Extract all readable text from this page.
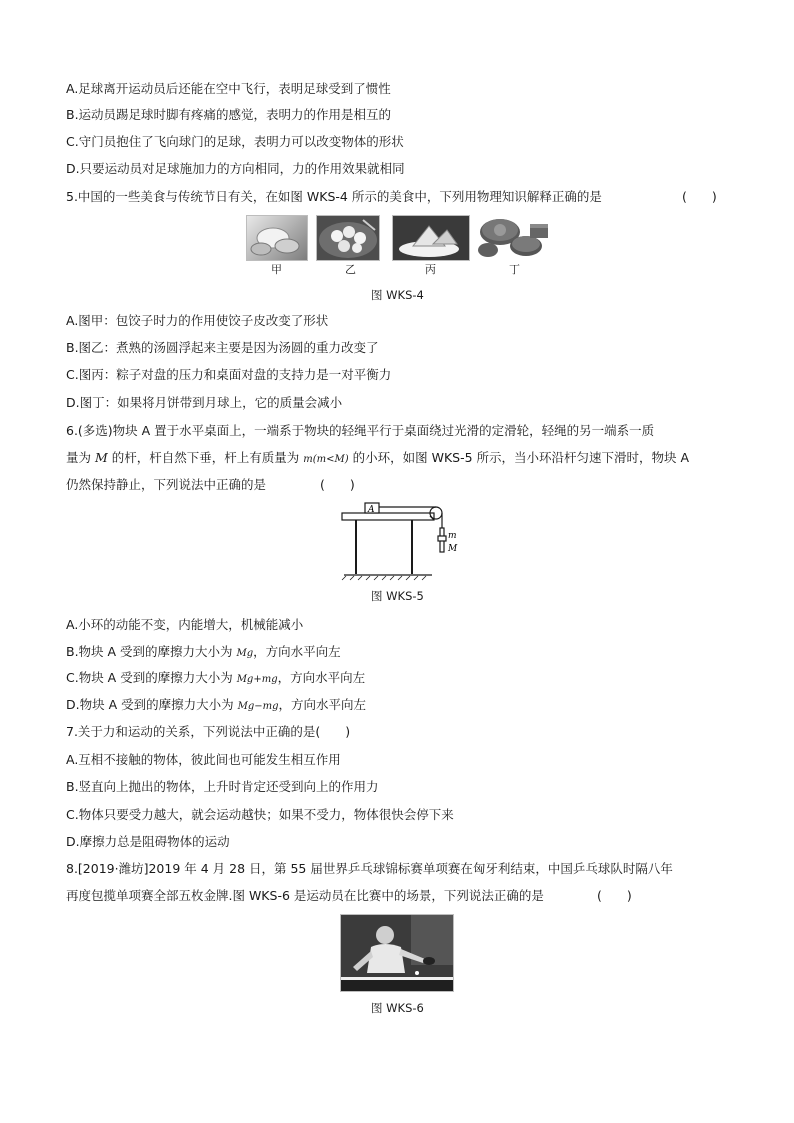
A.足球离开运动员后还能在空中飞行，表明足球受到了惯性
B.运动员踢足球时脚有疼痛的感觉，表明力的作用是相互的
C.守门员抱住了飞向球门的足球，表明力可以改变物体的形状
D.只要运动员对足球施加力的方向相同，力的作用效果就相同
5.中国的一些美食与传统节日有关，在如图 WKS-4 所示的美食中，下列用物理知识解释正确的是	(　　)
甲	乙	丙	丁
图 WKS-4
A.图甲：包饺子时力的作用使饺子皮改变了形状
B.图乙：煮熟的汤圆浮起来主要是因为汤圆的重力改变了
C.图丙：粽子对盘的压力和桌面对盘的支持力是一对平衡力
D.图丁：如果将月饼带到月球上，它的质量会减小
6.(多选)物块 A 置于水平桌面上，一端系于物块的轻绳平行于桌面绕过光滑的定滑轮，轻绳的另一端系一质
量为 M 的杆，杆自然下垂，杆上有质量为 m(m<M) 的小环，如图 WKS-5 所示，当小环沿杆匀速下滑时，物块 A
仍然保持静止，下列说法中正确的是	(　　)
A
m
M
图 WKS-5
A.小环的动能不变，内能增大，机械能减小
B.物块 A 受到的摩擦力大小为 Mg，方向水平向左
C.物块 A 受到的摩擦力大小为 Mg+mg，方向水平向左
D.物块 A 受到的摩擦力大小为 Mg−mg，方向水平向左
7.关于力和运动的关系，下列说法中正确的是(　　)
A.互相不接触的物体，彼此间也可能发生相互作用
B.竖直向上抛出的物体，上升时肯定还受到向上的作用力
C.物体只要受力越大，就会运动越快；如果不受力，物体很快会停下来
D.摩擦力总是阻碍物体的运动
8.[2019·潍坊]2019 年 4 月 28 日，第 55 届世界乒乓球锦标赛单项赛在匈牙利结束，中国乒乓球队时隔八年
再度包揽单项赛全部五枚金牌.图 WKS-6 是运动员在比赛中的场景，下列说法正确的是	(　　)
图 WKS-6
